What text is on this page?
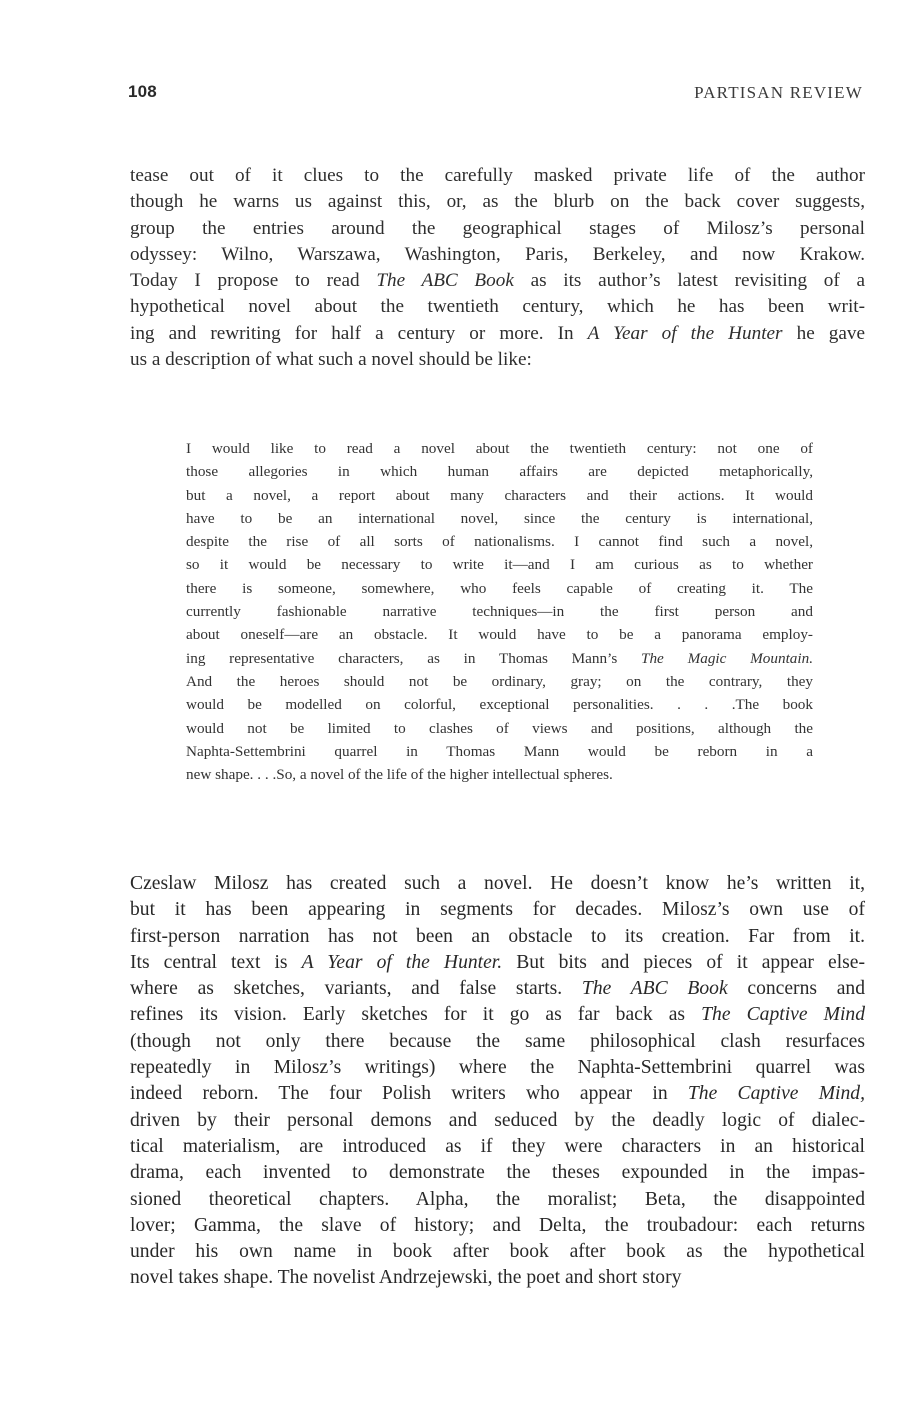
108	PARTISAN REVIEW
tease out of it clues to the carefully masked private life of the author
though he warns us against this, or, as the blurb on the back cover suggests,
group the entries around the geographical stages of Milosz’s personal
odyssey: Wilno, Warszawa, Washington, Paris, Berkeley, and now Krakow.
Today I propose to read The ABC Book as its author’s latest revisiting of a
hypothetical novel about the twentieth century, which he has been writ-
ing and rewriting for half a century or more. In A Year of the Hunter he gave
us a description of what such a novel should be like:
I would like to read a novel about the twentieth century: not one of
those allegories in which human affairs are depicted metaphorically,
but a novel, a report about many characters and their actions. It would
have to be an international novel, since the century is international,
despite the rise of all sorts of nationalisms. I cannot find such a novel,
so it would be necessary to write it—and I am curious as to whether
there is someone, somewhere, who feels capable of creating it. The
currently fashionable narrative techniques—in the first person and
about oneself—are an obstacle. It would have to be a panorama employ-
ing representative characters, as in Thomas Mann’s The Magic Mountain.
And the heroes should not be ordinary, gray; on the contrary, they
would be modelled on colorful, exceptional personalities. . . .The book
would not be limited to clashes of views and positions, although the
Naphta-Settembrini quarrel in Thomas Mann would be reborn in a
new shape. . . .So, a novel of the life of the higher intellectual spheres.
Czeslaw Milosz has created such a novel. He doesn’t know he’s written it,
but it has been appearing in segments for decades. Milosz’s own use of
first-person narration has not been an obstacle to its creation. Far from it.
Its central text is A Year of the Hunter. But bits and pieces of it appear else-
where as sketches, variants, and false starts. The ABC Book concerns and
refines its vision. Early sketches for it go as far back as The Captive Mind
(though not only there because the same philosophical clash resurfaces
repeatedly in Milosz’s writings) where the Naphta-Settembrini quarrel was
indeed reborn. The four Polish writers who appear in The Captive Mind,
driven by their personal demons and seduced by the deadly logic of dialec-
tical materialism, are introduced as if they were characters in an historical
drama, each invented to demonstrate the theses expounded in the impas-
sioned theoretical chapters. Alpha, the moralist; Beta, the disappointed
lover; Gamma, the slave of history; and Delta, the troubadour: each returns
under his own name in book after book after book as the hypothetical
novel takes shape. The novelist Andrzejewski, the poet and short story
